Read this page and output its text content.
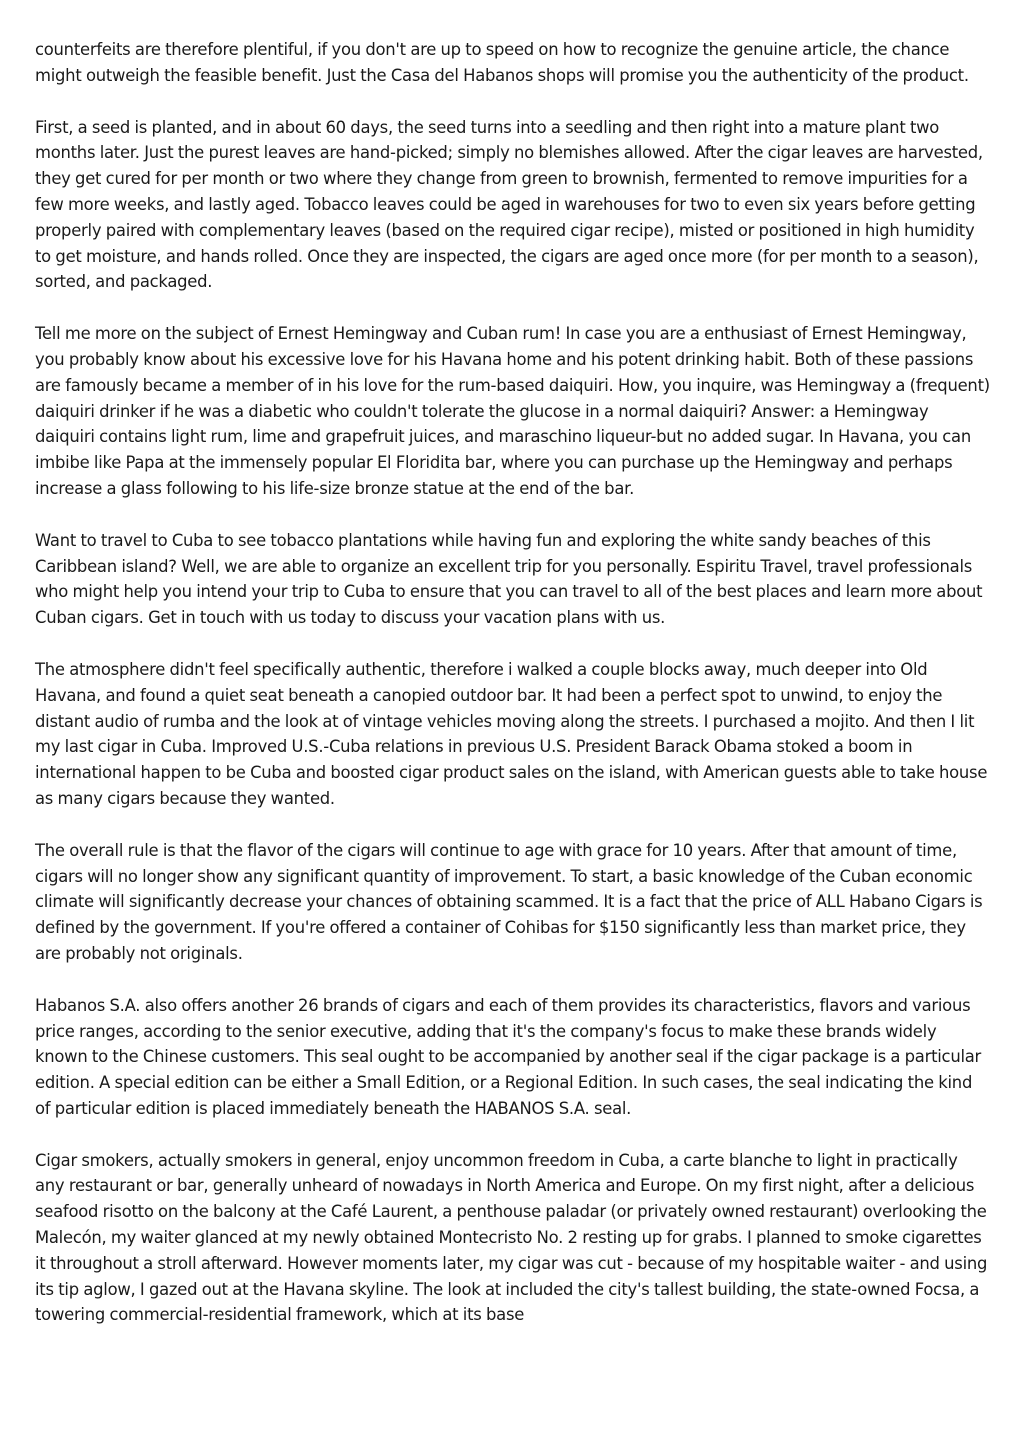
counterfeits are therefore plentiful, if you don't are up to speed on how to recognize the genuine article, the chance might outweigh the feasible benefit. Just the Casa del Habanos shops will promise you the authenticity of the product.

First, a seed is planted, and in about 60 days, the seed turns into a seedling and then right into a mature plant two months later. Just the purest leaves are hand-picked; simply no blemishes allowed. After the cigar leaves are harvested, they get cured for per month or two where they change from green to brownish, fermented to remove impurities for a few more weeks, and lastly aged. Tobacco leaves could be aged in warehouses for two to even six years before getting properly paired with complementary leaves (based on the required cigar recipe), misted or positioned in high humidity to get moisture, and hands rolled. Once they are inspected, the cigars are aged once more (for per month to a season), sorted, and packaged.

Tell me more on the subject of Ernest Hemingway and Cuban rum! In case you are a enthusiast of Ernest Hemingway, you probably know about his excessive love for his Havana home and his potent drinking habit. Both of these passions are famously became a member of in his love for the rum-based daiquiri. How, you inquire, was Hemingway a (frequent) daiquiri drinker if he was a diabetic who couldn't tolerate the glucose in a normal daiquiri? Answer: a Hemingway daiquiri contains light rum, lime and grapefruit juices, and maraschino liqueur-but no added sugar. In Havana, you can imbibe like Papa at the immensely popular El Floridita bar, where you can purchase up the Hemingway and perhaps increase a glass following to his life-size bronze statue at the end of the bar.

Want to travel to Cuba to see tobacco plantations while having fun and exploring the white sandy beaches of this Caribbean island? Well, we are able to organize an excellent trip for you personally. Espiritu Travel, travel professionals who might help you intend your trip to Cuba to ensure that you can travel to all of the best places and learn more about Cuban cigars. Get in touch with us today to discuss your vacation plans with us.

The atmosphere didn't feel specifically authentic, therefore i walked a couple blocks away, much deeper into Old Havana, and found a quiet seat beneath a canopied outdoor bar. It had been a perfect spot to unwind, to enjoy the distant audio of rumba and the look at of vintage vehicles moving along the streets. I purchased a mojito. And then I lit my last cigar in Cuba. Improved U.S.-Cuba relations in previous U.S. President Barack Obama stoked a boom in international happen to be Cuba and boosted cigar product sales on the island, with American guests able to take house as many cigars because they wanted.

The overall rule is that the flavor of the cigars will continue to age with grace for 10 years. After that amount of time, cigars will no longer show any significant quantity of improvement. To start, a basic knowledge of the Cuban economic climate will significantly decrease your chances of obtaining scammed. It is a fact that the price of ALL Habano Cigars is defined by the government. If you're offered a container of Cohibas for $150 significantly less than market price, they are probably not originals.

Habanos S.A. also offers another 26 brands of cigars and each of them provides its characteristics, flavors and various price ranges, according to the senior executive, adding that it's the company's focus to make these brands widely known to the Chinese customers. This seal ought to be accompanied by another seal if the cigar package is a particular edition. A special edition can be either a Small Edition, or a Regional Edition. In such cases, the seal indicating the kind of particular edition is placed immediately beneath the HABANOS S.A. seal.

Cigar smokers, actually smokers in general, enjoy uncommon freedom in Cuba, a carte blanche to light in practically any restaurant or bar, generally unheard of nowadays in North America and Europe. On my first night, after a delicious seafood risotto on the balcony at the Café Laurent, a penthouse paladar (or privately owned restaurant) overlooking the Malecón, my waiter glanced at my newly obtained Montecristo No. 2 resting up for grabs. I planned to smoke cigarettes it throughout a stroll afterward. However moments later, my cigar was cut - because of my hospitable waiter - and using its tip aglow, I gazed out at the Havana skyline. The look at included the city's tallest building, the state-owned Focsa, a towering commercial-residential framework, which at its base
